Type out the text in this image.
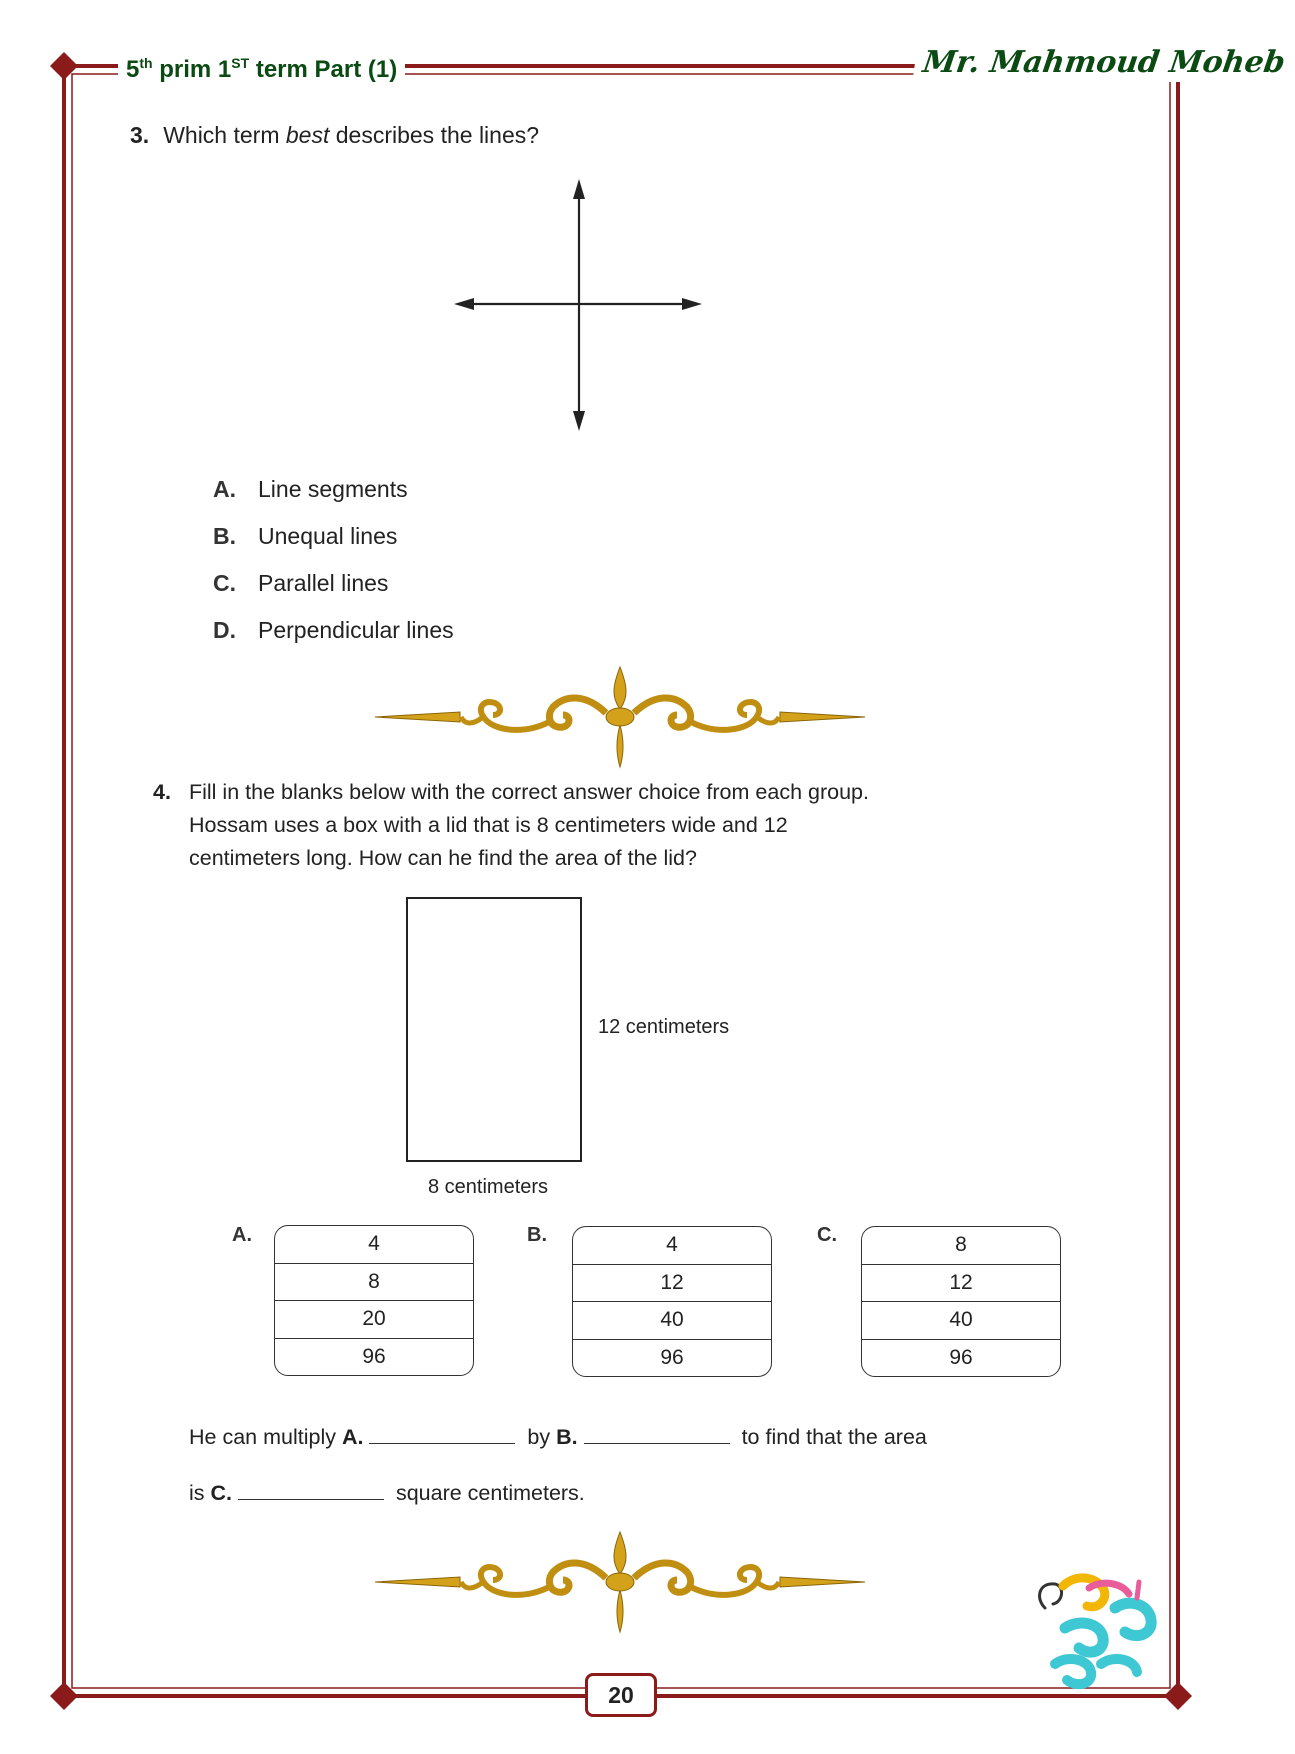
5th prim 1ST term Part (1)	Mr. Mahmoud Moheb
3. Which term best describes the lines?
A. Line segments
B. Unequal lines
C. Parallel lines
D. Perpendicular lines
4. Fill in the blanks below with the correct answer choice from each group.
Hossam uses a box with a lid that is 8 centimeters wide and 12
centimeters long. How can he find the area of the lid?
12 centimeters
8 centimeters
A.	4
8
20
96
B.	4
12
40
96
C.	8
12
40
96
He can multiply A.	by B.	to find that the area
is C.	square centimeters.
20
